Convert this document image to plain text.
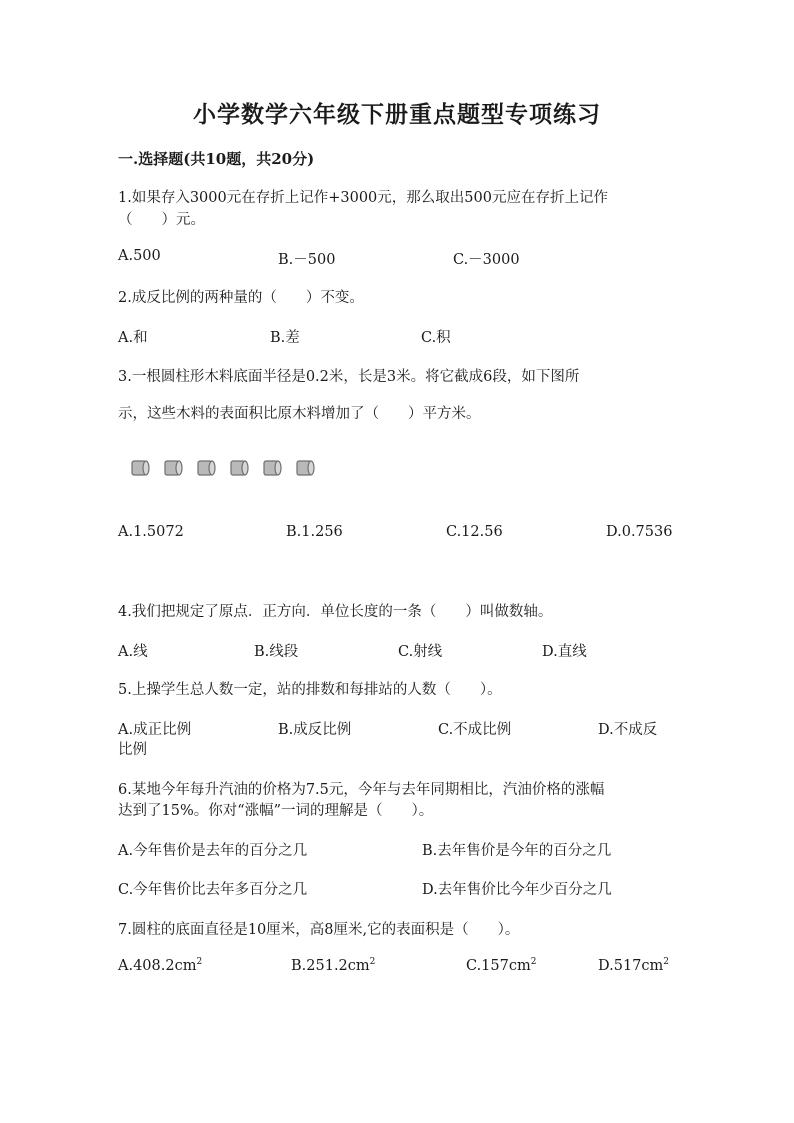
小学数学六年级下册重点题型专项练习
一.选择题(共10题，共20分)
1.如果存入3000元在存折上记作+3000元，那么取出500元应在存折上记作
（　　）元。
A.500	B.－500	C.－3000
2.成反比例的两种量的（　　）不变。
A.和	B.差	C.积
3.一根圆柱形木料底面半径是0.2米，长是3米。将它截成6段，如下图所
示，这些木料的表面积比原木料增加了（　　）平方米。
A.1.5072	B.1.256	C.12.56	D.0.7536
4.我们把规定了原点．正方向．单位长度的一条（　　）叫做数轴。
A.线	B.线段	C.射线	D.直线
5.上操学生总人数一定，站的排数和每排站的人数（　　）。
A.成正比例	B.成反比例	C.不成比例	D.不成反
比例
6.某地今年每升汽油的价格为7.5元，今年与去年同期相比，汽油价格的涨幅
达到了15%。你对“涨幅”一词的理解是（　　）。
A.今年售价是去年的百分之几	B.去年售价是今年的百分之几
C.今年售价比去年多百分之几	D.去年售价比今年少百分之几
7.圆柱的底面直径是10厘米，高8厘米,它的表面积是（　　）。
$A.408.2cm^2$	$B.251.2cm^2$	$C.157cm^2$	$D.517cm^2$
